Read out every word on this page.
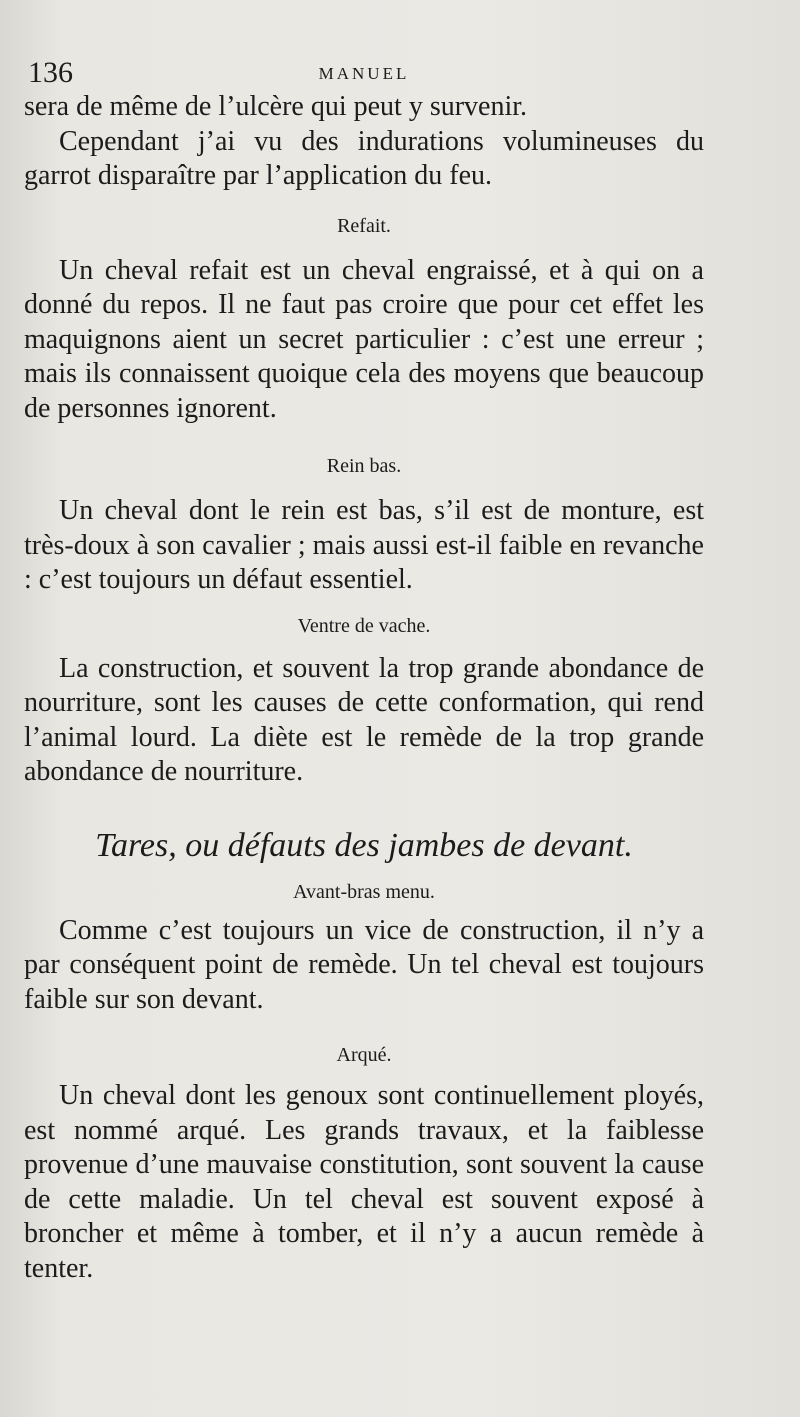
136	MANUEL

sera de même de l’ulcère qui peut y survenir.

Cependant j’ai vu des indurations volumineuses du garrot disparaître par l’application du feu.

Refait.

Un cheval refait est un cheval engraissé, et à qui on a donné du repos. Il ne faut pas croire que pour cet effet les maquignons aient un secret particulier : c’est une erreur ; mais ils connaissent quoique cela des moyens que beaucoup de personnes ignorent.

Rein bas.

Un cheval dont le rein est bas, s’il est de monture, est très-doux à son cavalier ; mais aussi est-il faible en revanche : c’est toujours un défaut essentiel.

Ventre de vache.

La construction, et souvent la trop grande abondance de nourriture, sont les causes de cette conformation, qui rend l’animal lourd. La diète est le remède de la trop grande abondance de nourriture.

Tares, ou défauts des jambes de devant.

Avant-bras menu.

Comme c’est toujours un vice de construction, il n’y a par conséquent point de remède. Un tel cheval est toujours faible sur son devant.

Arqué.

Un cheval dont les genoux sont continuellement ployés, est nommé arqué. Les grands travaux, et la faiblesse provenue d’une mauvaise constitution, sont souvent la cause de cette maladie. Un tel cheval est souvent exposé à broncher et même à tomber, et il n’y a aucun remède à tenter.
